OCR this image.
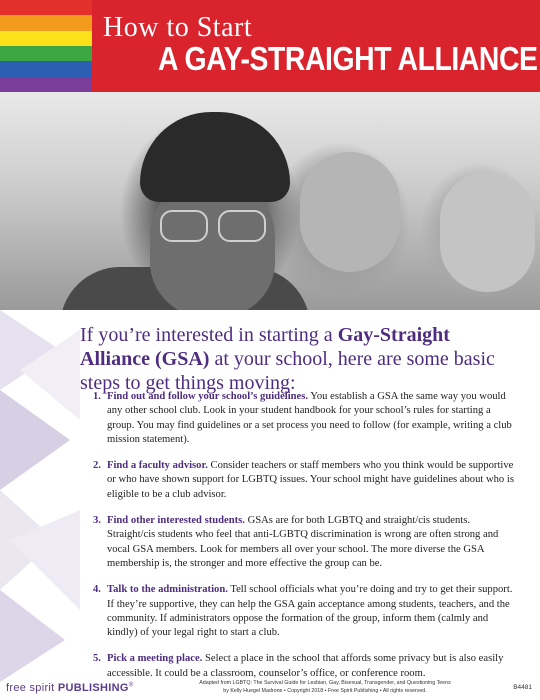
How to Start
A GAY-STRAIGHT ALLIANCE
If you’re interested in starting a Gay-Straight Alliance (GSA) at your school, here are some basic steps to get things moving:
1. Find out and follow your school’s guidelines. You establish a GSA the same way you would any other school club. Look in your student handbook for your school’s rules for starting a group. You may find guidelines or a set process you need to follow (for example, writing a club mission statement).
2. Find a faculty advisor. Consider teachers or staff members who you think would be supportive or who have shown support for LGBTQ issues. Your school might have guidelines about who is eligible to be a club advisor.
3. Find other interested students. GSAs are for both LGBTQ and straight/cis students. Straight/cis students who feel that anti-LGBTQ discrimination is wrong are often strong and vocal GSA members. Look for members all over your school. The more diverse the GSA membership is, the stronger and more effective the group can be.
4. Talk to the administration. Tell school officials what you’re doing and try to get their support. If they’re supportive, they can help the GSA gain acceptance among students, teachers, and the community. If administrators oppose the formation of the group, inform them (calmly and kindly) of your legal right to start a club.
5. Pick a meeting place. Select a place in the school that affords some privacy but is also easily accessible. It could be a classroom, counselor’s office, or conference room.
free spirit PUBLISHING®	Adapted from LGBTQ: The Survival Guide for Lesbian, Gay, Bisexual, Transgender, and Questioning Teens
by Kelly Huegel Madrone • Copyright 2018 • Free Spirit Publishing • All rights reserved.	B4481
